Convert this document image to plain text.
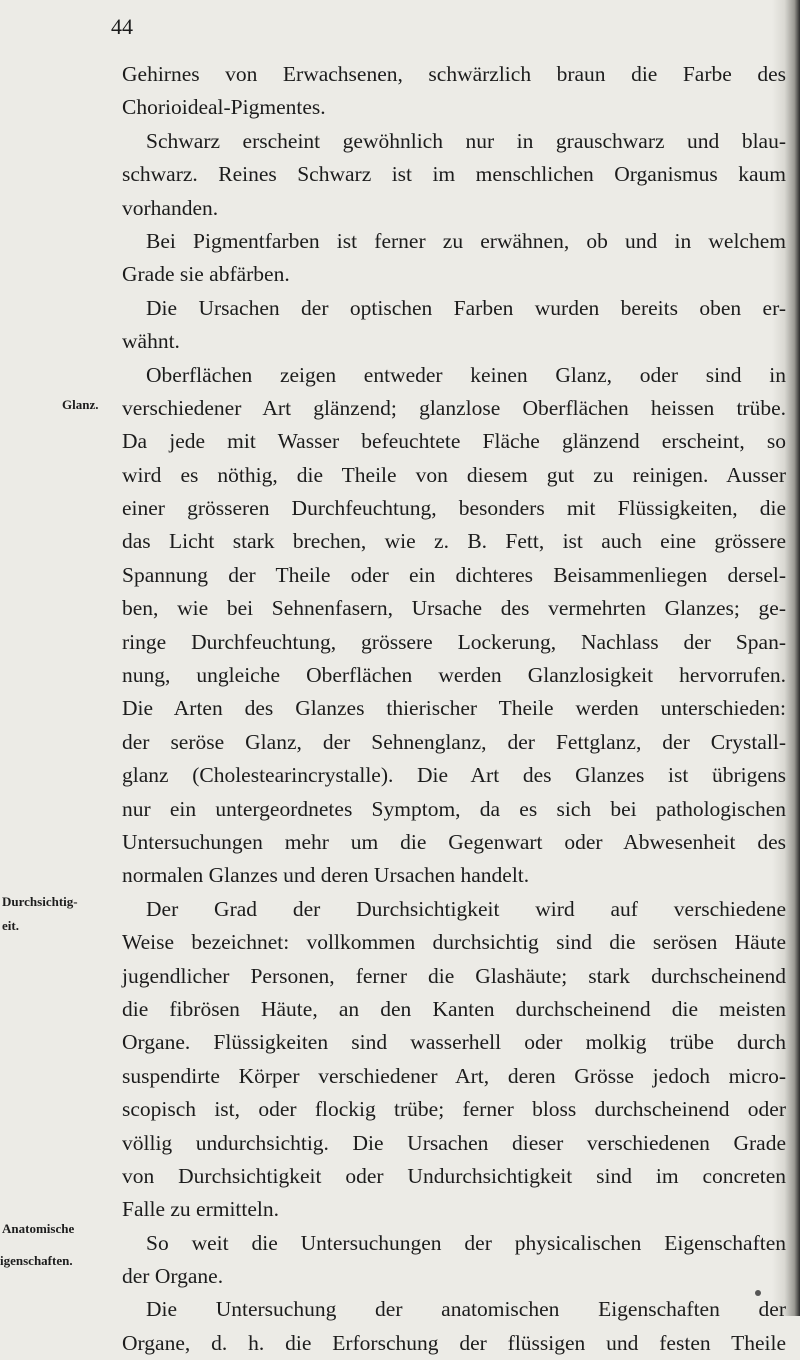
44
Glanz.
Durchsichtig-
eit.
Anatomische
igenschaften.
Gehirnes von Erwachsenen, schwärzlich braun die Farbe des
Chorioideal-Pigmentes.
Schwarz erscheint gewöhnlich nur in grauschwarz und blau-
schwarz. Reines Schwarz ist im menschlichen Organismus kaum
vorhanden.
Bei Pigmentfarben ist ferner zu erwähnen, ob und in welchem
Grade sie abfärben.
Die Ursachen der optischen Farben wurden bereits oben er-
wähnt.
Oberflächen zeigen entweder keinen Glanz, oder sind in
verschiedener Art glänzend; glanzlose Oberflächen heissen trübe.
Da jede mit Wasser befeuchtete Fläche glänzend erscheint, so
wird es nöthig, die Theile von diesem gut zu reinigen. Ausser
einer grösseren Durchfeuchtung, besonders mit Flüssigkeiten, die
das Licht stark brechen, wie z. B. Fett, ist auch eine grössere
Spannung der Theile oder ein dichteres Beisammenliegen dersel-
ben, wie bei Sehnenfasern, Ursache des vermehrten Glanzes; ge-
ringe Durchfeuchtung, grössere Lockerung, Nachlass der Span-
nung, ungleiche Oberflächen werden Glanzlosigkeit hervorrufen.
Die Arten des Glanzes thierischer Theile werden unterschieden:
der seröse Glanz, der Sehnenglanz, der Fettglanz, der Crystall-
glanz (Cholestearincrystalle). Die Art des Glanzes ist übrigens
nur ein untergeordnetes Symptom, da es sich bei pathologischen
Untersuchungen mehr um die Gegenwart oder Abwesenheit des
normalen Glanzes und deren Ursachen handelt.
Der Grad der Durchsichtigkeit wird auf verschiedene
Weise bezeichnet: vollkommen durchsichtig sind die serösen Häute
jugendlicher Personen, ferner die Glashäute; stark durchscheinend
die fibrösen Häute, an den Kanten durchscheinend die meisten
Organe. Flüssigkeiten sind wasserhell oder molkig trübe durch
suspendirte Körper verschiedener Art, deren Grösse jedoch micro-
scopisch ist, oder flockig trübe; ferner bloss durchscheinend oder
völlig undurchsichtig. Die Ursachen dieser verschiedenen Grade
von Durchsichtigkeit oder Undurchsichtigkeit sind im concreten
Falle zu ermitteln.
So weit die Untersuchungen der physicalischen Eigenschaften
der Organe.
Die Untersuchung der anatomischen Eigenschaften der
Organe, d. h. die Erforschung der flüssigen und festen Theile
